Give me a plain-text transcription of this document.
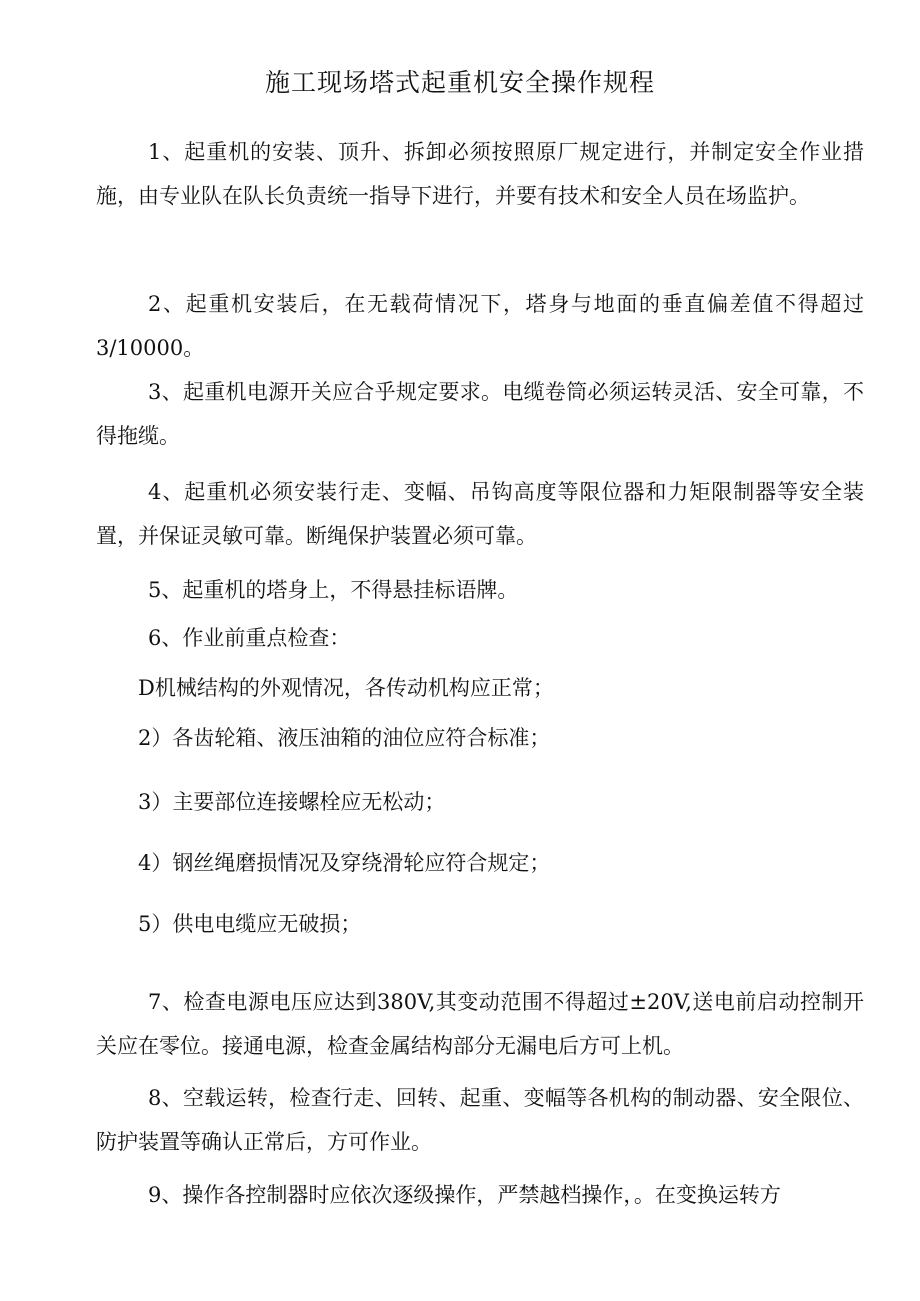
施工现场塔式起重机安全操作规程
1、起重机的安装、顶升、拆卸必须按照原厂规定进行，并制定安全作业措施，由专业队在队长负责统一指导下进行，并要有技术和安全人员在场监护。
2、起重机安装后，在无载荷情况下，塔身与地面的垂直偏差值不得超过3/10000。
3、起重机电源开关应合乎规定要求。电缆卷筒必须运转灵活、安全可靠，不得拖缆。
4、起重机必须安装行走、变幅、吊钩高度等限位器和力矩限制器等安全装置，并保证灵敏可靠。断绳保护装置必须可靠。
5、起重机的塔身上，不得悬挂标语牌。
6、作业前重点检查：
D机械结构的外观情况，各传动机构应正常；
2）各齿轮箱、液压油箱的油位应符合标准；
3）主要部位连接螺栓应无松动；
4）钢丝绳磨损情况及穿绕滑轮应符合规定；
5）供电电缆应无破损；
7、检查电源电压应达到380V,其变动范围不得超过±20V,送电前启动控制开关应在零位。接通电源，检查金属结构部分无漏电后方可上机。
8、空载运转，检查行走、回转、起重、变幅等各机构的制动器、安全限位、防护装置等确认正常后，方可作业。
9、操作各控制器时应依次逐级操作，严禁越档操作，。在变换运转方
